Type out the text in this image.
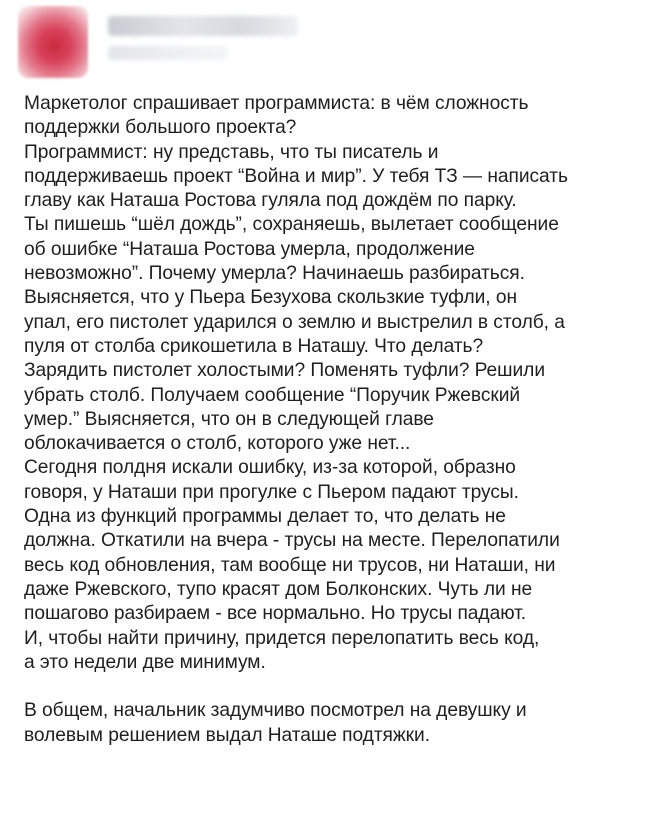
Маркетолог спрашивает программиста: в чём сложность
поддержки большого проекта?
Программист: ну представь, что ты писатель и
поддерживаешь проект “Война и мир”. У тебя ТЗ — написать
главу как Наташа Ростова гуляла под дождём по парку.
Ты пишешь “шёл дождь”, сохраняешь, вылетает сообщение
об ошибке “Наташа Ростова умерла, продолжение
невозможно”. Почему умерла? Начинаешь разбираться.
Выясняется, что у Пьера Безухова скользкие туфли, он
упал, его пистолет ударился о землю и выстрелил в столб, а
пуля от столба срикошетила в Наташу. Что делать?
Зарядить пистолет холостыми? Поменять туфли? Решили
убрать столб. Получаем сообщение “Поручик Ржевский
умер.” Выясняется, что он в следующей главе
облокачивается о столб, которого уже нет...
Сегодня полдня искали ошибку, из-за которой, образно
говоря, у Наташи при прогулке с Пьером падают трусы.
Одна из функций программы делает то, что делать не
должна. Откатили на вчера - трусы на месте. Перелопатили
весь код обновления, там вообще ни трусов, ни Наташи, ни
даже Ржевского, тупо красят дом Болконских. Чуть ли не
пошагово разбираем - все нормально. Но трусы падают.
И, чтобы найти причину, придется перелопатить весь код,
а это недели две минимум.
В общем, начальник задумчиво посмотрел на девушку и
волевым решением выдал Наташе подтяжки.
